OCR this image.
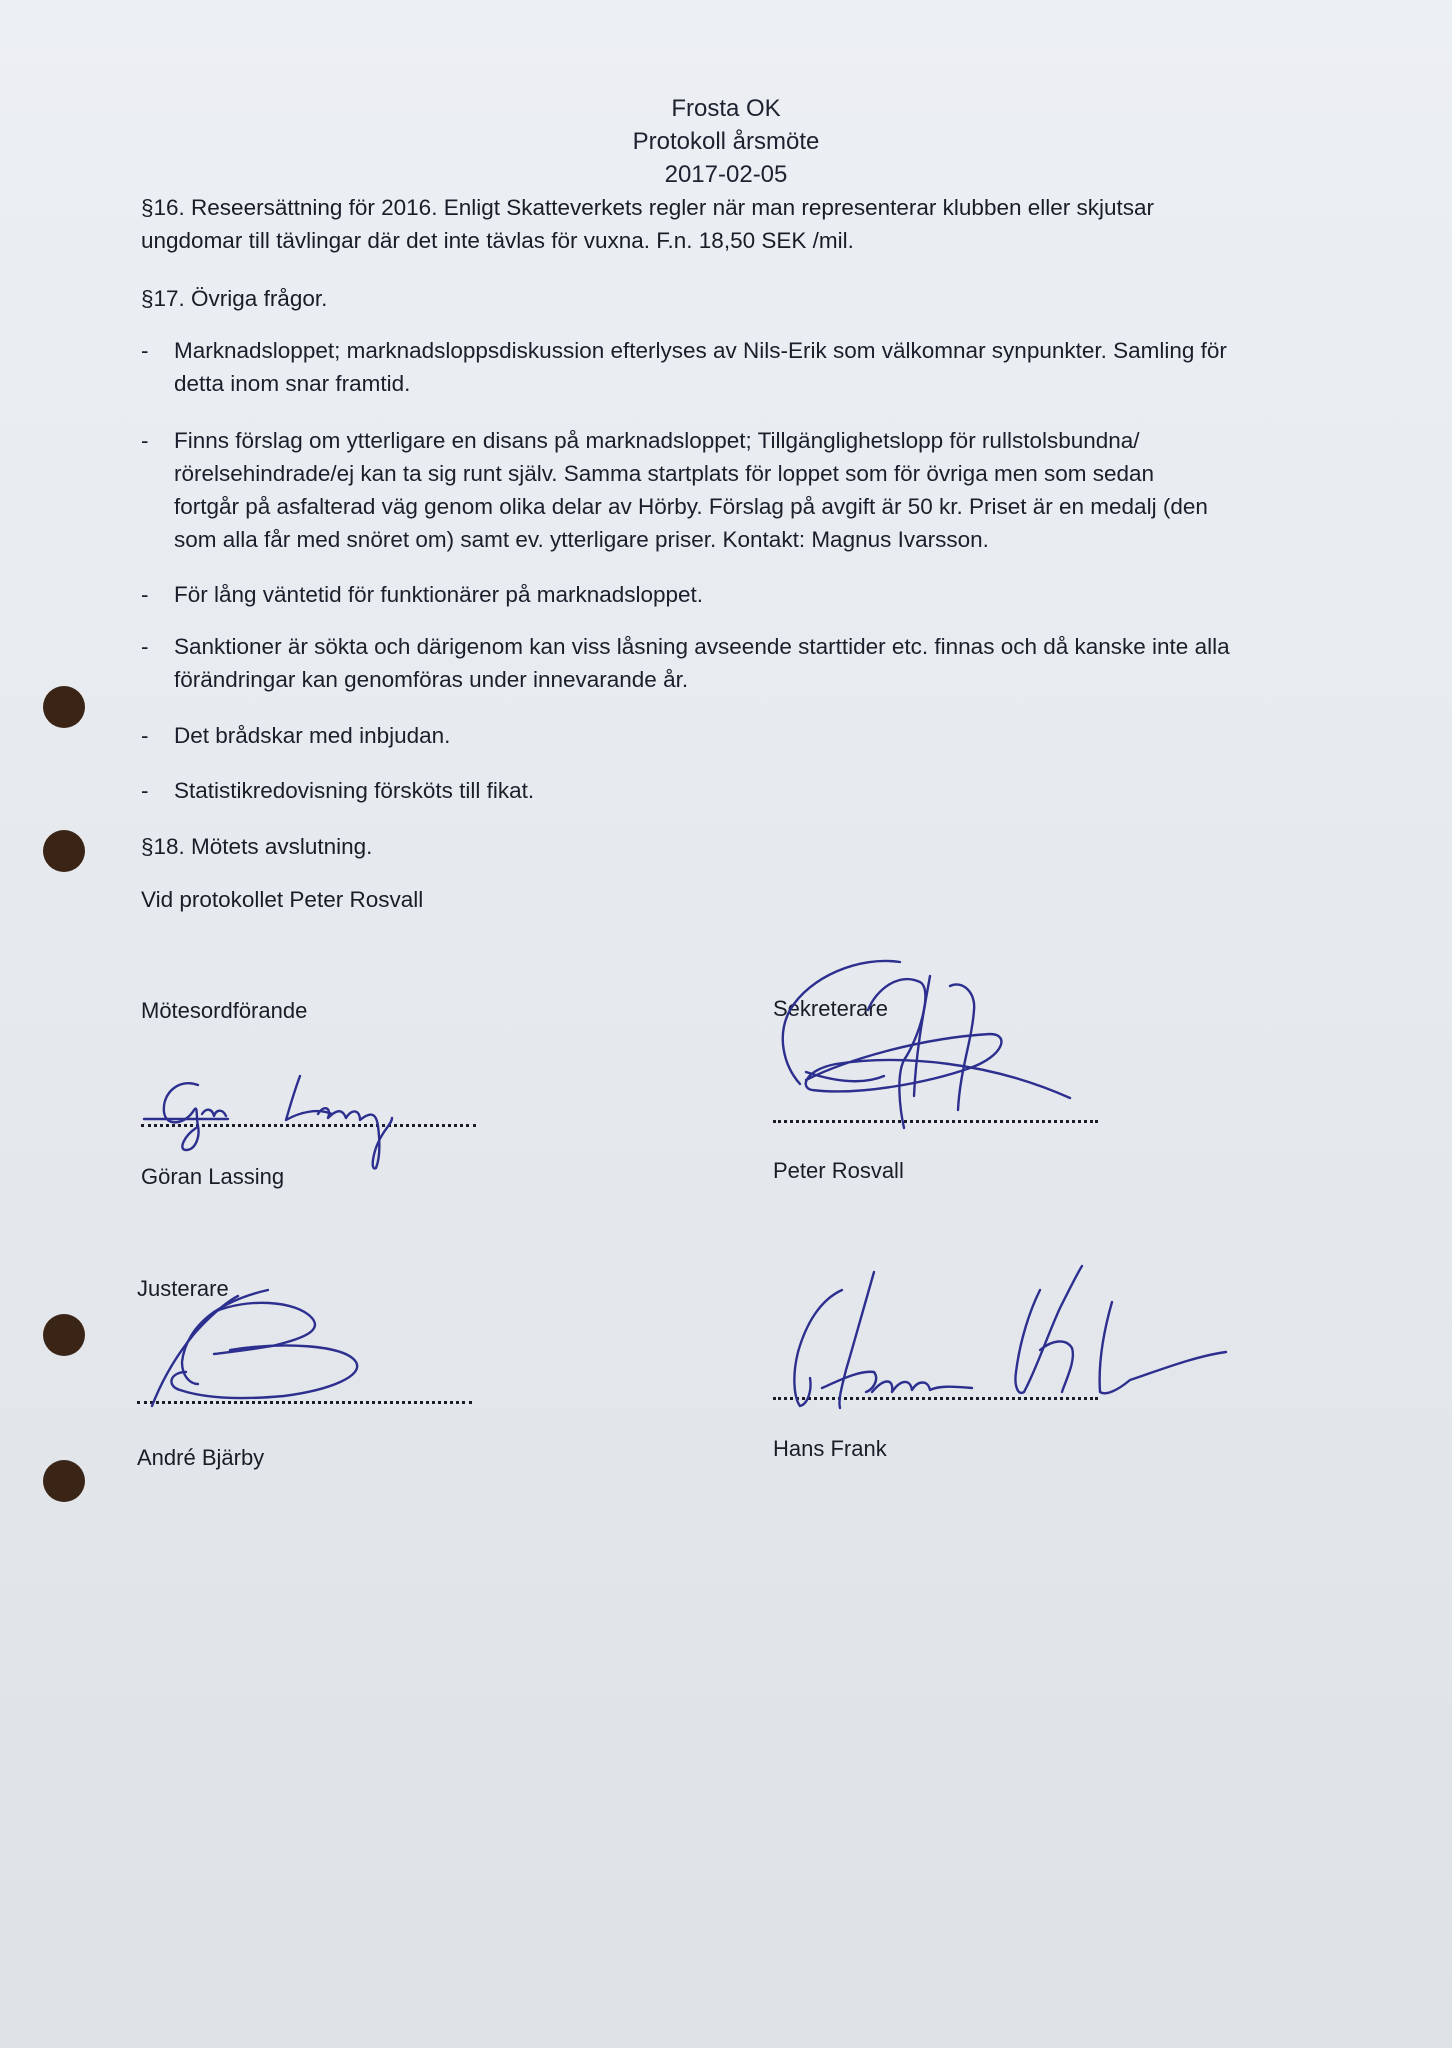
Frosta OK
Protokoll årsmöte
2017-02-05
§16. Reseersättning för 2016. Enligt Skatteverkets regler när man representerar klubben eller skjutsar
ungdomar till tävlingar där det inte tävlas för vuxna. F.n. 18,50 SEK /mil.
§17. Övriga frågor.
-	Marknadsloppet; marknadsloppsdiskussion efterlyses av Nils-Erik som välkomnar synpunkter. Samling för
detta inom snar framtid.
-	Finns förslag om ytterligare en disans på marknadsloppet; Tillgänglighetslopp för rullstolsbundna/
rörelsehindrade/ej kan ta sig runt själv. Samma startplats för loppet som för övriga men som sedan
fortgår på asfalterad väg genom olika delar av Hörby. Förslag på avgift är 50 kr. Priset är en medalj (den
som alla får med snöret om) samt ev. ytterligare priser. Kontakt: Magnus Ivarsson.
-	För lång väntetid för funktionärer på marknadsloppet.
-	Sanktioner är sökta och därigenom kan viss låsning avseende starttider etc. finnas och då kanske inte alla
förändringar kan genomföras under innevarande år.
-	Det brådskar med inbjudan.
-	Statistikredovisning försköts till fikat.
§18. Mötets avslutning.
Vid protokollet Peter Rosvall
Mötesordförande
Göran Lassing
Sekreterare
Peter Rosvall
Justerare
André Bjärby	Hans Frank
